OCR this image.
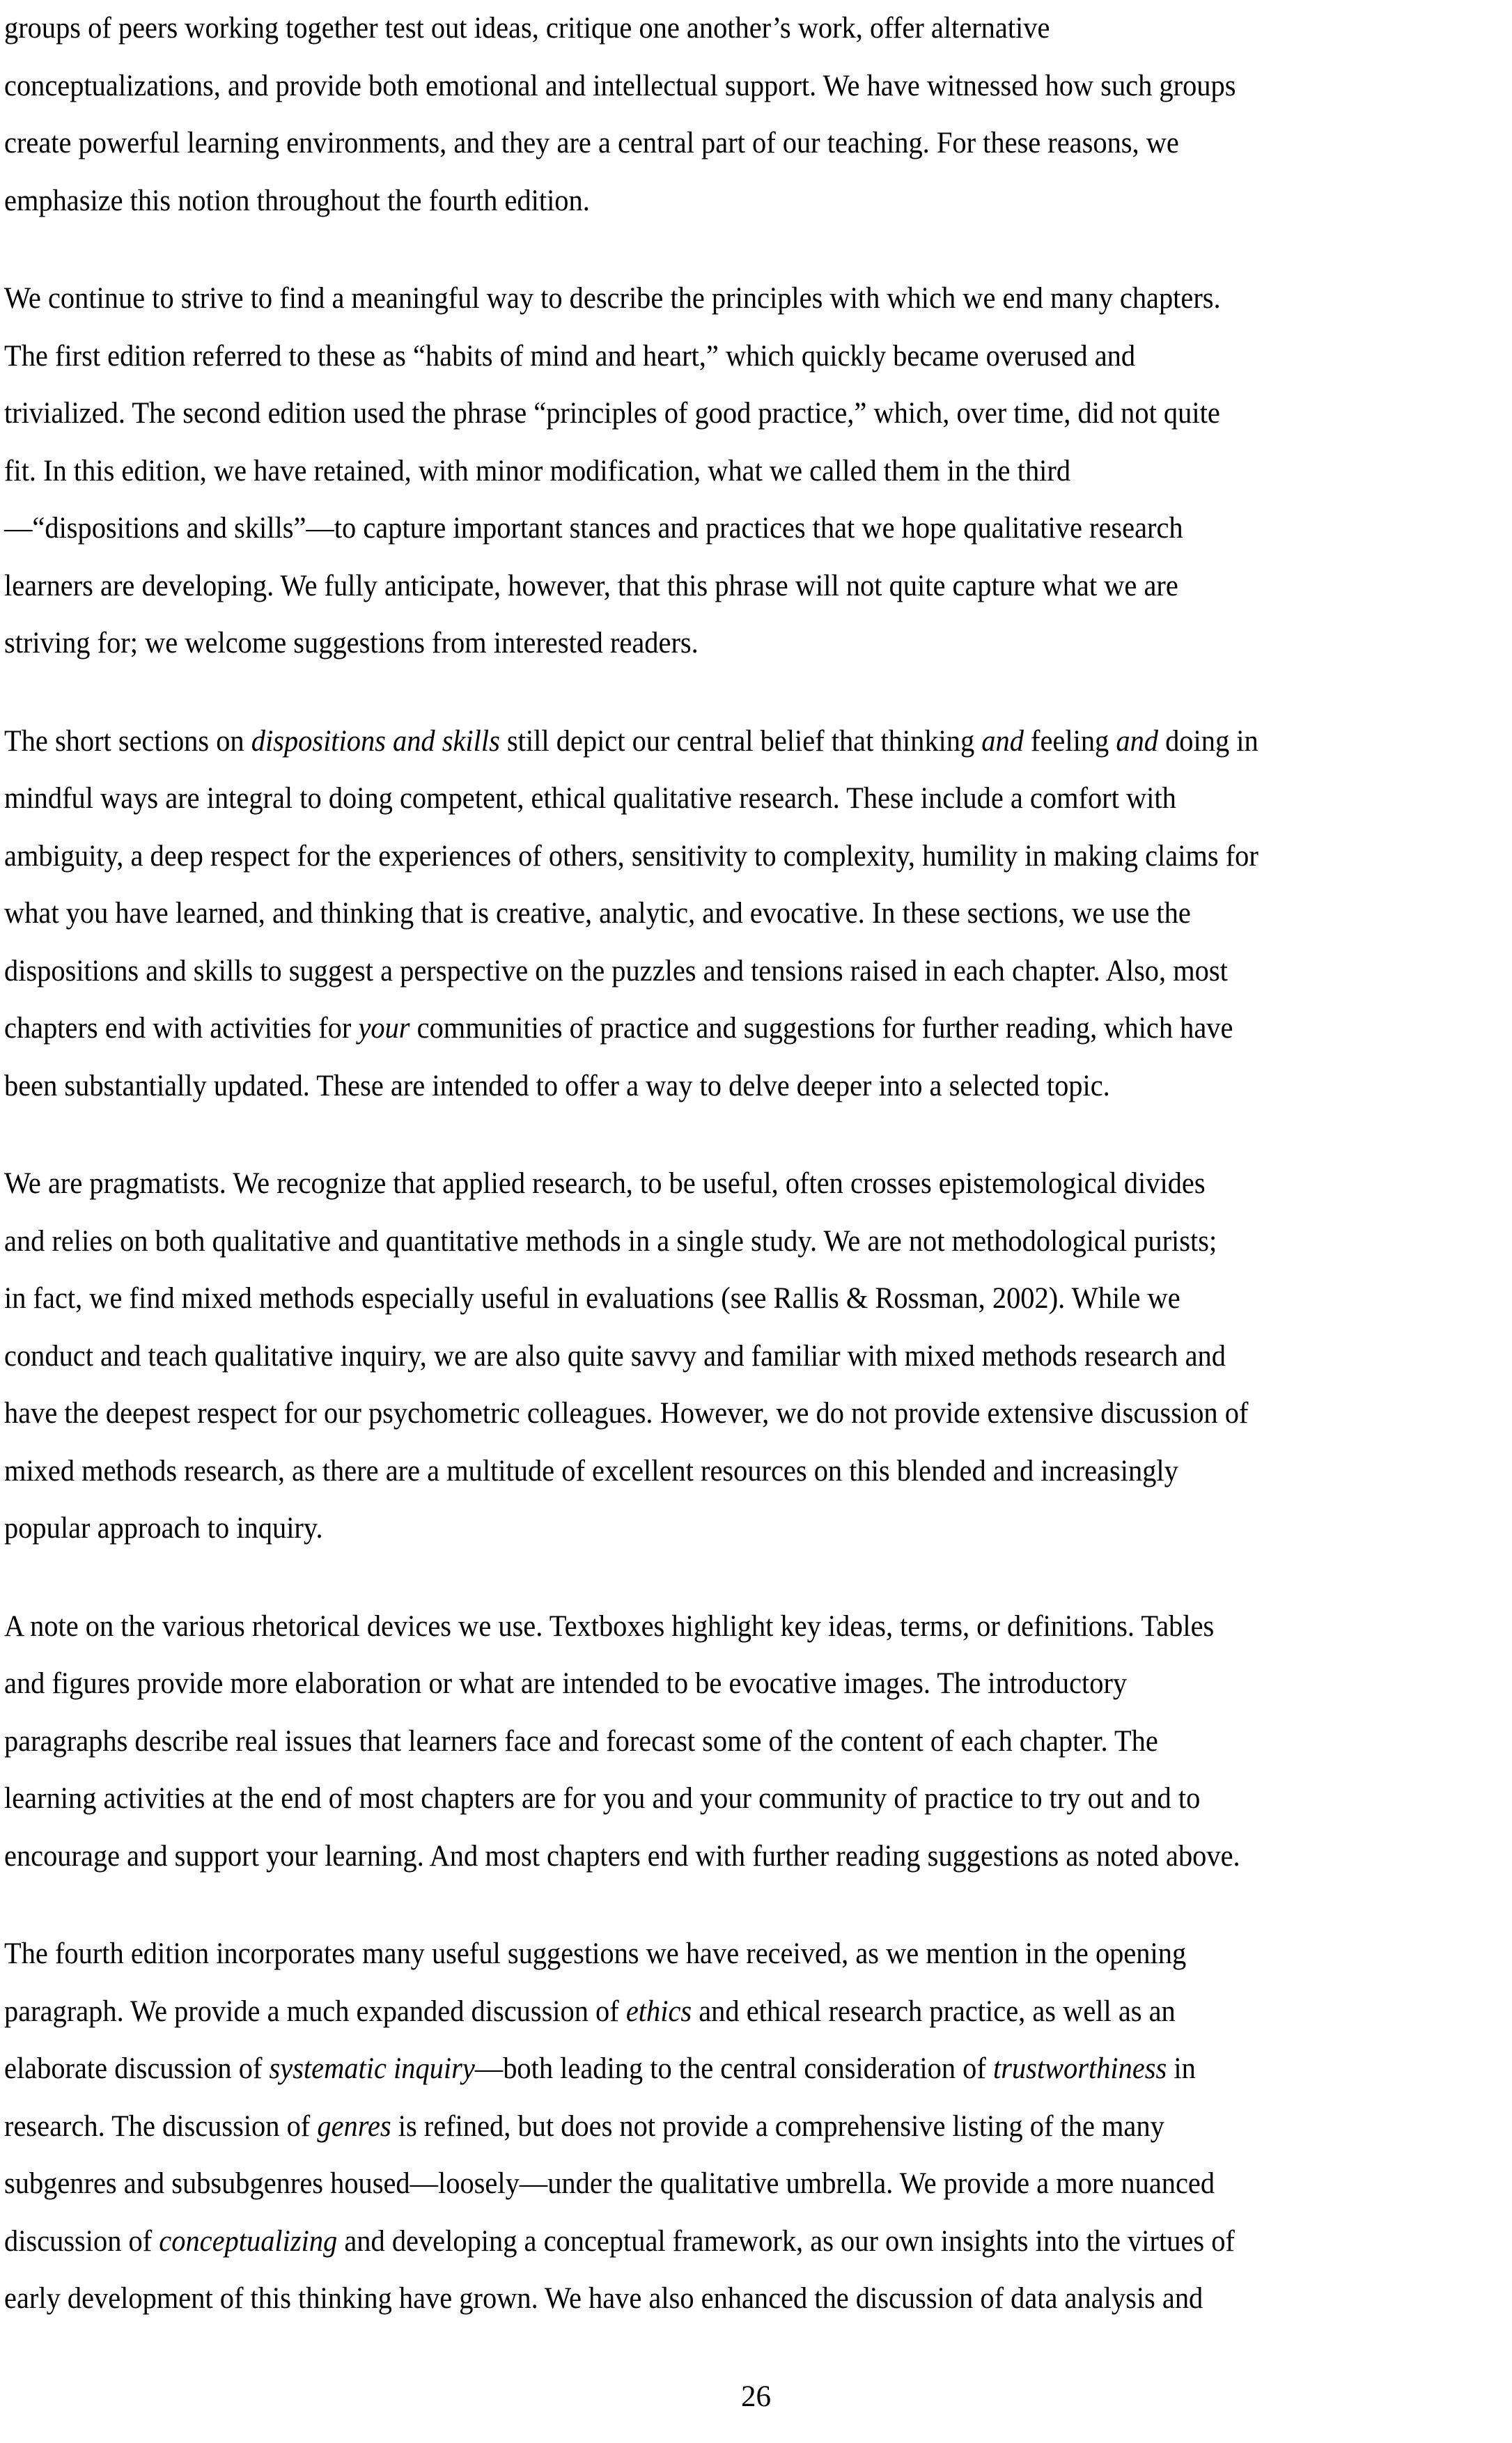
groups of peers working together test out ideas, critique one another’s work, offer alternative
conceptualizations, and provide both emotional and intellectual support. We have witnessed how such groups
create powerful learning environments, and they are a central part of our teaching. For these reasons, we
emphasize this notion throughout the fourth edition.

We continue to strive to find a meaningful way to describe the principles with which we end many chapters.
The first edition referred to these as “habits of mind and heart,” which quickly became overused and
trivialized. The second edition used the phrase “principles of good practice,” which, over time, did not quite
fit. In this edition, we have retained, with minor modification, what we called them in the third
—“dispositions and skills”—to capture important stances and practices that we hope qualitative research
learners are developing. We fully anticipate, however, that this phrase will not quite capture what we are
striving for; we welcome suggestions from interested readers.

The short sections on dispositions and skills still depict our central belief that thinking and feeling and doing in
mindful ways are integral to doing competent, ethical qualitative research. These include a comfort with
ambiguity, a deep respect for the experiences of others, sensitivity to complexity, humility in making claims for
what you have learned, and thinking that is creative, analytic, and evocative. In these sections, we use the
dispositions and skills to suggest a perspective on the puzzles and tensions raised in each chapter. Also, most
chapters end with activities for your communities of practice and suggestions for further reading, which have
been substantially updated. These are intended to offer a way to delve deeper into a selected topic.

We are pragmatists. We recognize that applied research, to be useful, often crosses epistemological divides
and relies on both qualitative and quantitative methods in a single study. We are not methodological purists;
in fact, we find mixed methods especially useful in evaluations (see Rallis & Rossman, 2002). While we
conduct and teach qualitative inquiry, we are also quite savvy and familiar with mixed methods research and
have the deepest respect for our psychometric colleagues. However, we do not provide extensive discussion of
mixed methods research, as there are a multitude of excellent resources on this blended and increasingly
popular approach to inquiry.

A note on the various rhetorical devices we use. Textboxes highlight key ideas, terms, or definitions. Tables
and figures provide more elaboration or what are intended to be evocative images. The introductory
paragraphs describe real issues that learners face and forecast some of the content of each chapter. The
learning activities at the end of most chapters are for you and your community of practice to try out and to
encourage and support your learning. And most chapters end with further reading suggestions as noted above.

The fourth edition incorporates many useful suggestions we have received, as we mention in the opening
paragraph. We provide a much expanded discussion of ethics and ethical research practice, as well as an
elaborate discussion of systematic inquiry—both leading to the central consideration of trustworthiness in
research. The discussion of genres is refined, but does not provide a comprehensive listing of the many
subgenres and subsubgenres housed—loosely—under the qualitative umbrella. We provide a more nuanced
discussion of conceptualizing and developing a conceptual framework, as our own insights into the virtues of
early development of this thinking have grown. We have also enhanced the discussion of data analysis and

26
